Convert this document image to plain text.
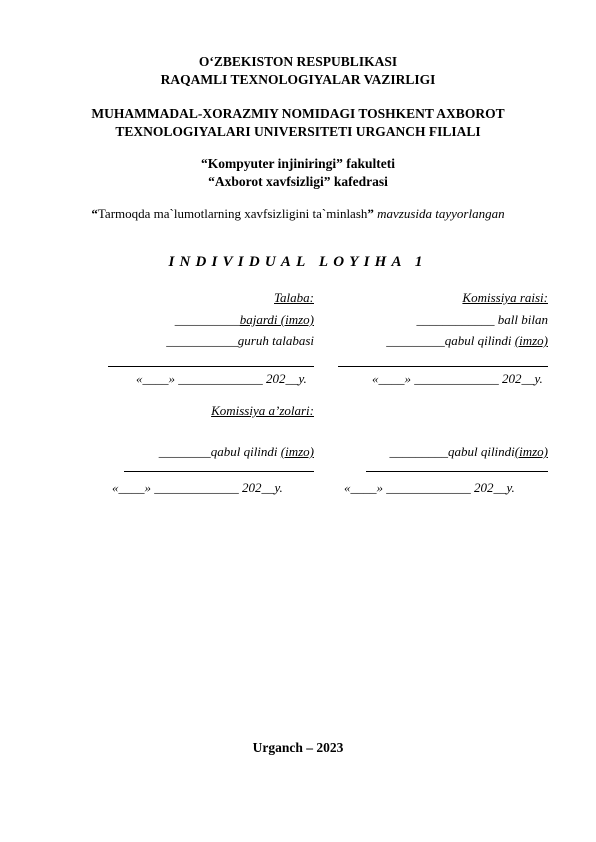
O‘ZBEKISTON RESPUBLIKASI
RAQAMLI TEXNOLOGIYALAR VAZIRLIGI
MUHAMMADAL-XORAZMIY NOMIDAGI TOSHKENT AXBOROT
TEXNOLOGIYALARI UNIVERSITETI URGANCH FILIALI
“Kompyuter injiniringi” fakulteti
“Axborot xavfsizligi” kafedrasi
“Tarmoqda ma`lumotlarning xavfsizligini ta`minlash” mavzusida tayyorlangan
INDIVIDUAL LOYIHA 1
Talaba:
__________bajardi (imzo)
___________guruh talabasi
«____» _____________ 202__y.
Komissiya raisi:
____________ ball bilan
_________qabul qilindi (imzo)
«____» _____________ 202__y.
Komissiya a’zolari:
________qabul qilindi (imzo)
«____» _____________ 202__y.
_________qabul qilindi(imzo)
«____» _____________ 202__y.
Urganch – 2023
